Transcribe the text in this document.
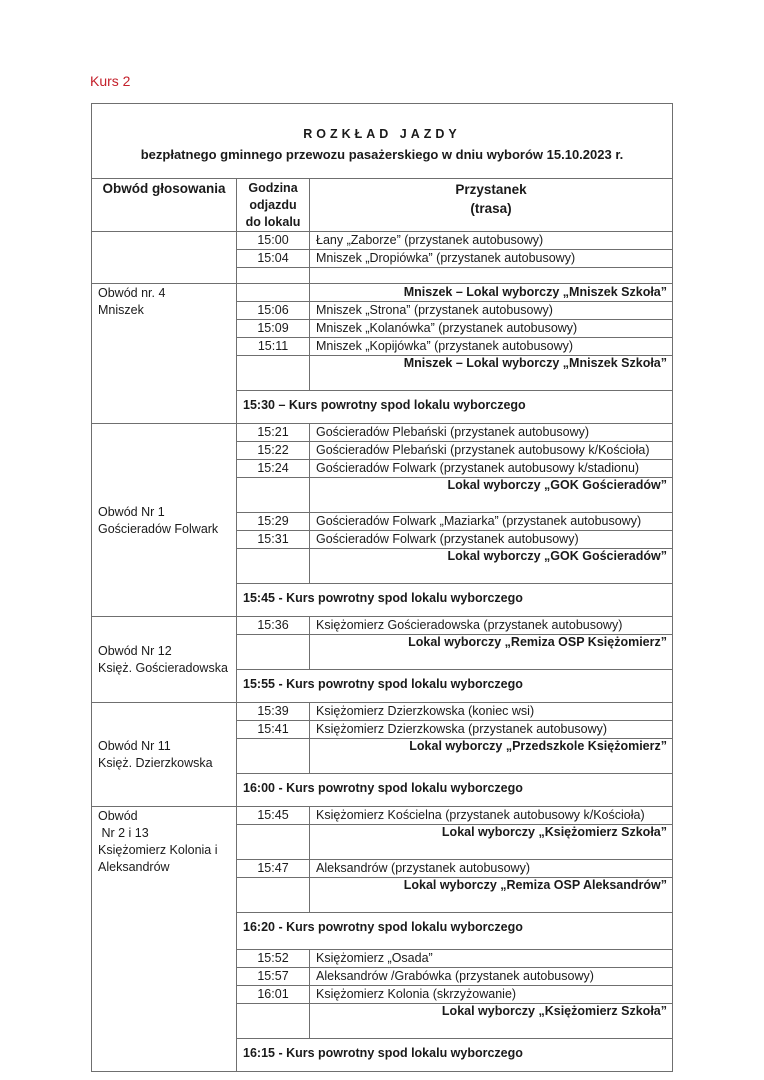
Kurs 2
ROZKŁAD JAZDY
bezpłatnego gminnego przewozu pasażerskiego w dniu wyborów 15.10.2023 r.		

Obwód głosowania	Godzina
odjazdu
do lokalu

Przystanek
(trasa)

	15:00	Łany „Zaborze” (przystanek autobusowy)
	15:04	Mniszek „Dropiówka” (przystanek autobusowy)

Obwód nr. 4
Mniszek		Mniszek – Lokal wyborczy „Mniszek Szkoła”
	15:06	Mniszek „Strona” (przystanek autobusowy)
	15:09	Mniszek „Kolanówka” (przystanek autobusowy)
	15:11	Mniszek „Kopijówka” (przystanek autobusowy)
		Mniszek – Lokal wyborczy „Mniszek Szkoła”
	15:30 – Kurs powrotny spod lokalu wyborczego	

Obwód Nr 1
Gościeradów Folwark	15:21	Gościeradów Plebański (przystanek autobusowy)
	15:22	Gościeradów Plebański (przystanek autobusowy k/Kościoła)
	15:24	Gościeradów Folwark (przystanek autobusowy k/stadionu)
		Lokal wyborczy „GOK Gościeradów”
	15:29	Gościeradów Folwark „Maziarka” (przystanek autobusowy)
	15:31	Gościeradów Folwark (przystanek autobusowy)
		Lokal wyborczy „GOK Gościeradów”
	15:45 - Kurs powrotny spod lokalu wyborczego	

Obwód Nr 12
Księż. Gościeradowska	15:36	Księżomierz Gościeradowska (przystanek autobusowy)
		Lokal wyborczy „Remiza OSP Księżomierz”
	15:55 - Kurs powrotny spod lokalu wyborczego	

Obwód Nr 11
Księż. Dzierzkowska	15:39	Księżomierz Dzierzkowska (koniec wsi)
	15:41	Księżomierz Dzierzkowska (przystanek autobusowy)
		Lokal wyborczy „Przedszkole Księżomierz”
	16:00 - Kurs powrotny spod lokalu wyborczego	

Obwód
Nr 2 i 13
Księżomierz Kolonia i
Aleksandrów	15:45	Księżomierz Kościelna (przystanek autobusowy k/Kościoła)
		Lokal wyborczy „Księżomierz Szkoła”
	15:47	Aleksandrów (przystanek autobusowy)
		Lokal wyborczy „Remiza OSP Aleksandrów”
	16:20 - Kurs powrotny spod lokalu wyborczego	

	15:52	Księżomierz „Osada”
	15:57	Aleksandrów /Grabówka (przystanek autobusowy)
	16:01	Księżomierz Kolonia (skrzyżowanie)
		Lokal wyborczy „Księżomierz Szkoła”
	16:15 - Kurs powrotny spod lokalu wyborczego	
